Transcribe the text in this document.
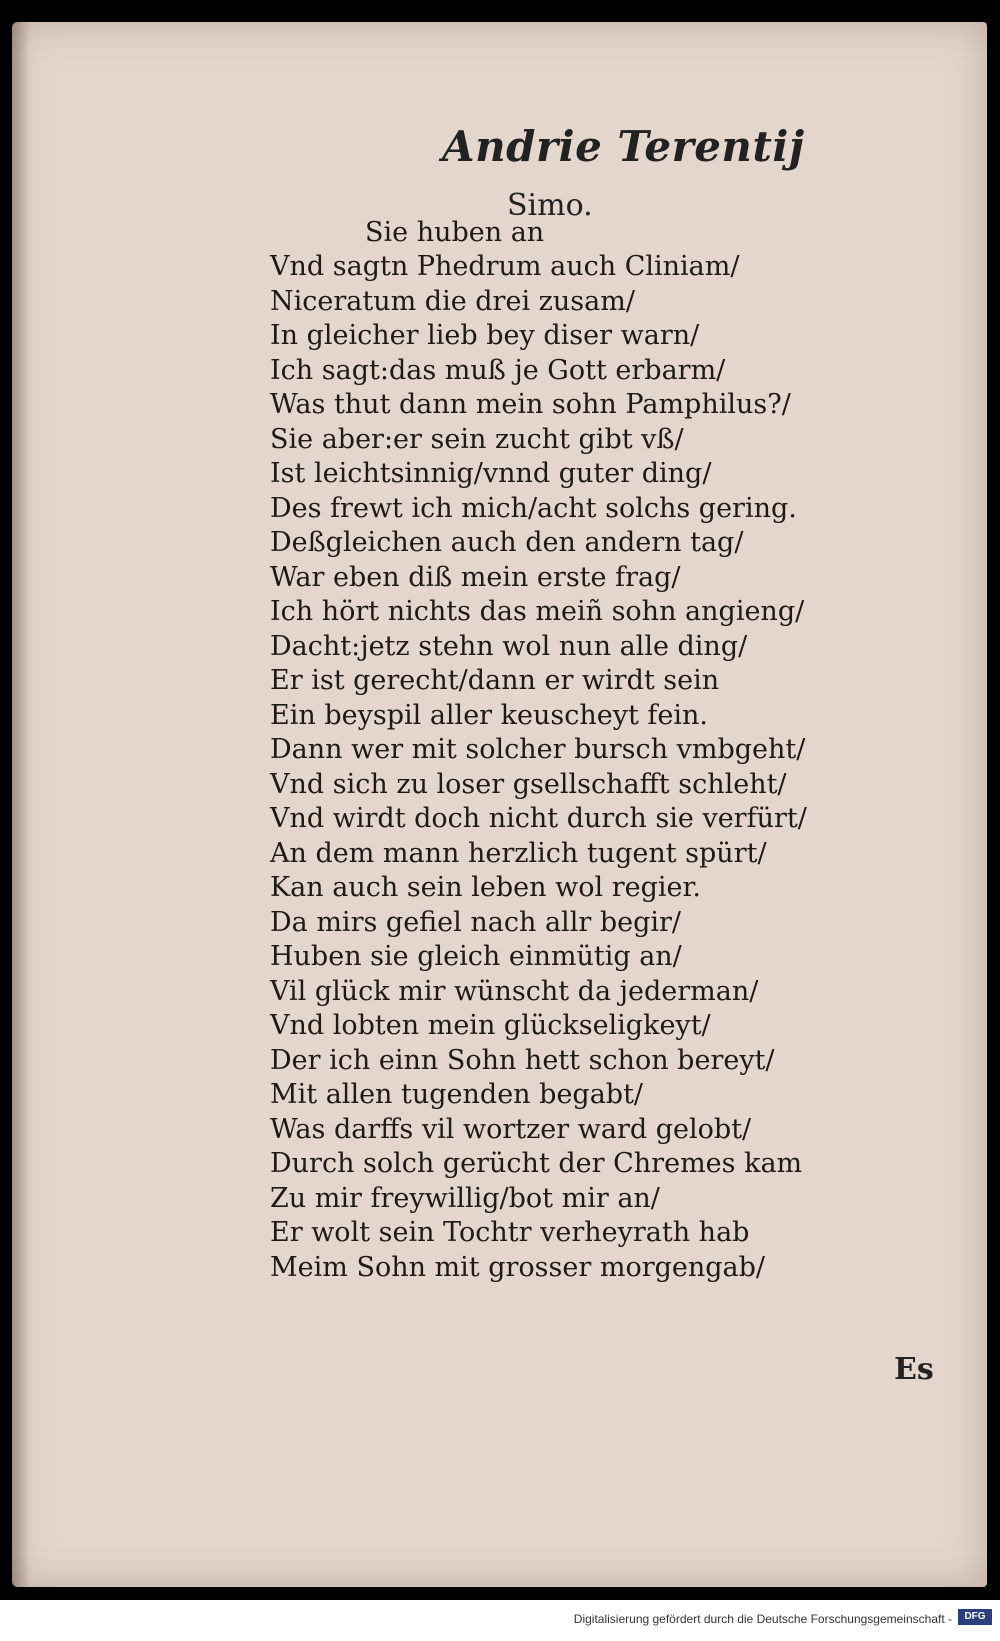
Andrie Terentij
Simo.
Sie huben an
Vnd sagtn Phedrum auch Cliniam/
Niceratum die drei zusam/
In gleicher lieb bey diser warn/
Ich sagt:das muß je Gott erbarm/
Was thut dann mein sohn Pamphilus?/
Sie aber:er sein zucht gibt vß/
Ist leichtsinnig/vnnd guter ding/
Des frewt ich mich/acht solchs gering.
Deßgleichen auch den andern tag/
War eben diß mein erste frag/
Ich hört nichts das meiñ sohn angieng/
Dacht:jetz stehn wol nun alle ding/
Er ist gerecht/dann er wirdt sein
Ein beyspil aller keuscheyt fein.
Dann wer mit solcher bursch vmbgeht/
Vnd sich zu loser gsellschafft schleht/
Vnd wirdt doch nicht durch sie verfürt/
An dem mann herzlich tugent spürt/
Kan auch sein leben wol regier.
Da mirs gefiel nach allr begir/
Huben sie gleich einmütig an/
Vil glück mir wünscht da jederman/
Vnd lobten mein glückseligkeyt/
Der ich einn Sohn hett schon bereyt/
Mit allen tugenden begabt/
Was darffs vil wortzer ward gelobt/
Durch solch gerücht der Chremes kam
Zu mir freywillig/bot mir an/
Er wolt sein Tochtr verheyrath hab
Meim Sohn mit grosser morgengab/
Es
Digitalisierung gefördert durch die Deutsche Forschungsgemeinschaft -	DFG
